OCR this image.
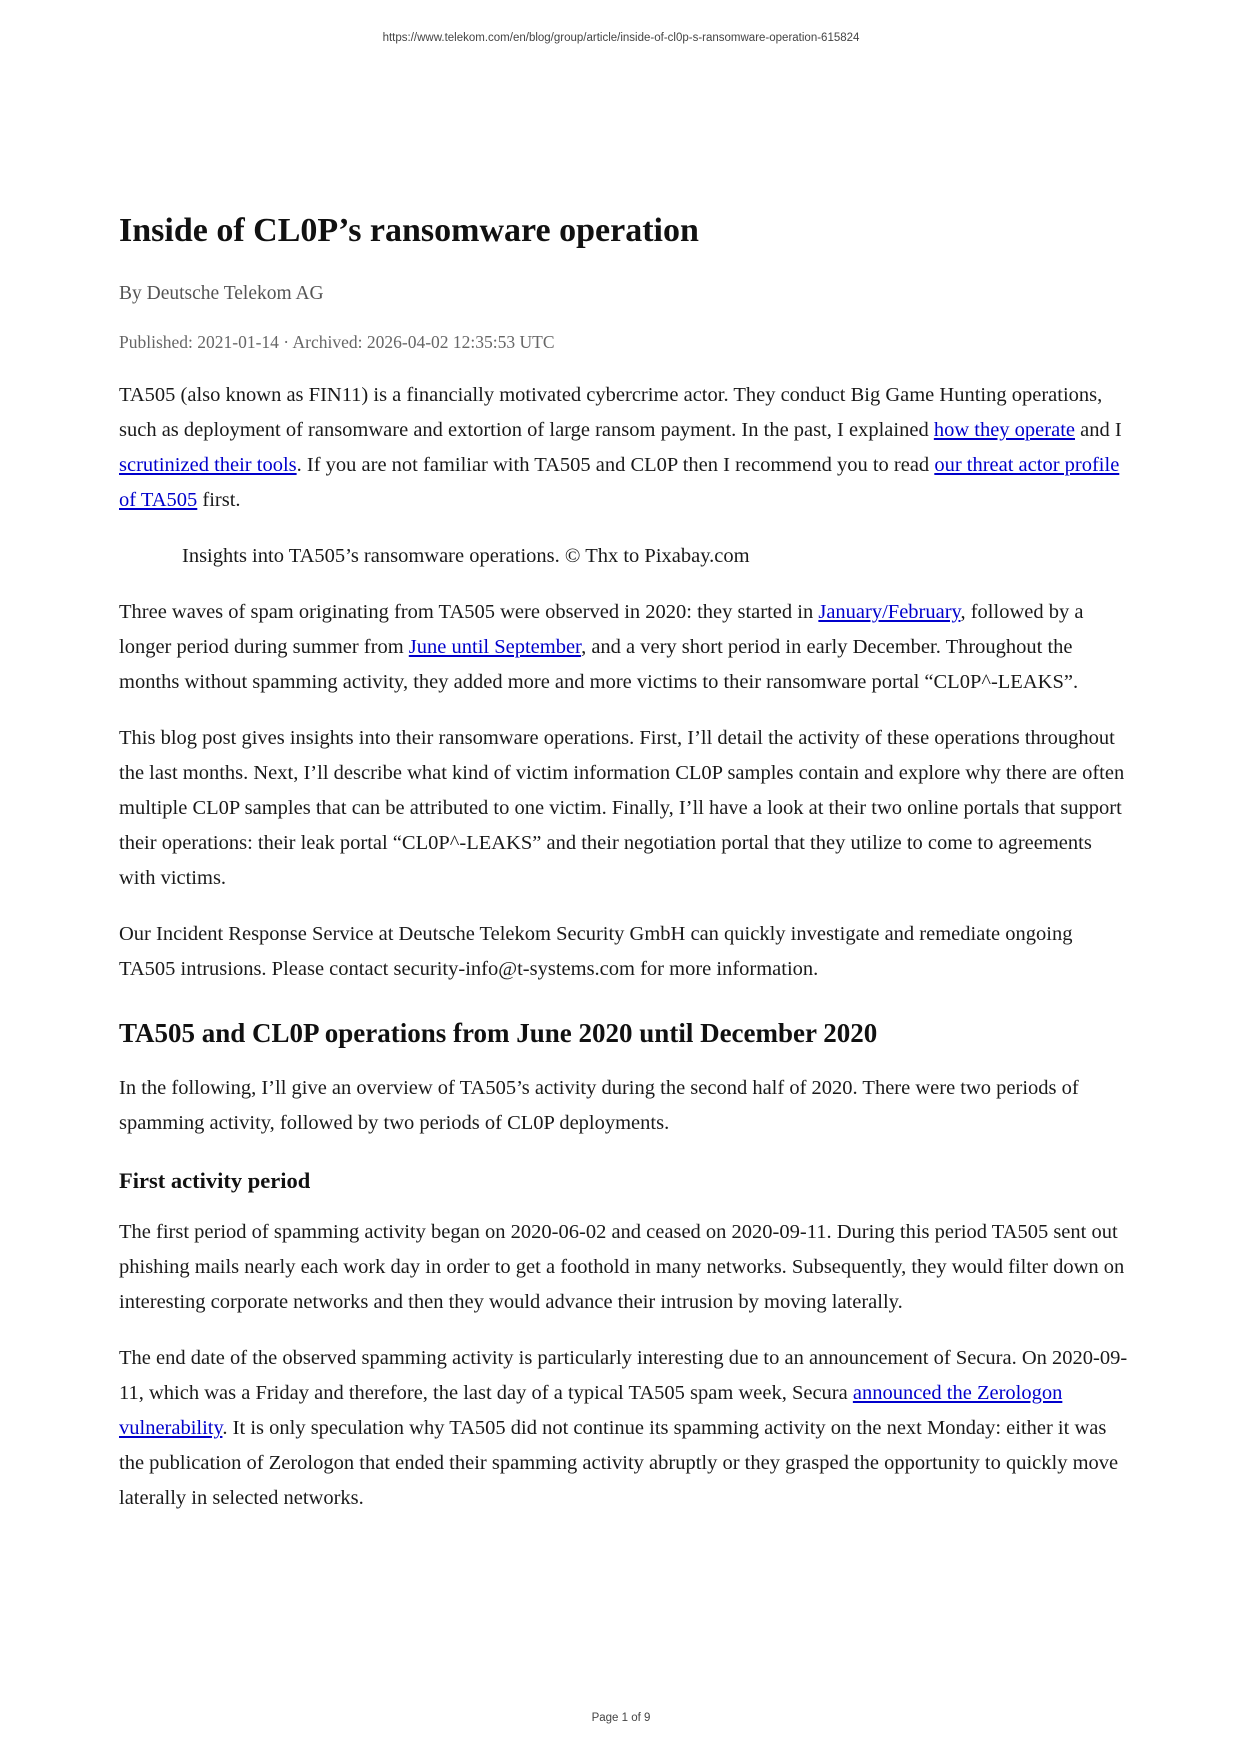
https://www.telekom.com/en/blog/group/article/inside-of-cl0p-s-ransomware-operation-615824
Inside of CL0P’s ransomware operation
By Deutsche Telekom AG
Published: 2021-01-14 · Archived: 2026-04-02 12:35:53 UTC

TA505 (also known as FIN11) is a financially motivated cybercrime actor. They conduct Big Game Hunting operations, such as deployment of ransomware and extortion of large ransom payment. In the past, I explained how they operate and I scrutinized their tools. If you are not familiar with TA505 and CL0P then I recommend you to read our threat actor profile of TA505 first.

Insights into TA505’s ransomware operations. © Thx to Pixabay.com

Three waves of spam originating from TA505 were observed in 2020: they started in January/February, followed by a longer period during summer from June until September, and a very short period in early December. Throughout the months without spamming activity, they added more and more victims to their ransomware portal “CL0P^-LEAKS”.

This blog post gives insights into their ransomware operations. First, I’ll detail the activity of these operations throughout the last months. Next, I’ll describe what kind of victim information CL0P samples contain and explore why there are often multiple CL0P samples that can be attributed to one victim. Finally, I’ll have a look at their two online portals that support their operations: their leak portal “CL0P^-LEAKS” and their negotiation portal that they utilize to come to agreements with victims.

Our Incident Response Service at Deutsche Telekom Security GmbH can quickly investigate and remediate ongoing TA505 intrusions. Please contact security-info@t-systems.com for more information.

TA505 and CL0P operations from June 2020 until December 2020

In the following, I’ll give an overview of TA505’s activity during the second half of 2020. There were two periods of spamming activity, followed by two periods of CL0P deployments.

First activity period

The first period of spamming activity began on 2020-06-02 and ceased on 2020-09-11. During this period TA505 sent out phishing mails nearly each work day in order to get a foothold in many networks. Subsequently, they would filter down on interesting corporate networks and then they would advance their intrusion by moving laterally.

The end date of the observed spamming activity is particularly interesting due to an announcement of Secura. On 2020-09-11, which was a Friday and therefore, the last day of a typical TA505 spam week, Secura announced the Zerologon vulnerability. It is only speculation why TA505 did not continue its spamming activity on the next Monday: either it was the publication of Zerologon that ended their spamming activity abruptly or they grasped the opportunity to quickly move laterally in selected networks.

Page 1 of 9
